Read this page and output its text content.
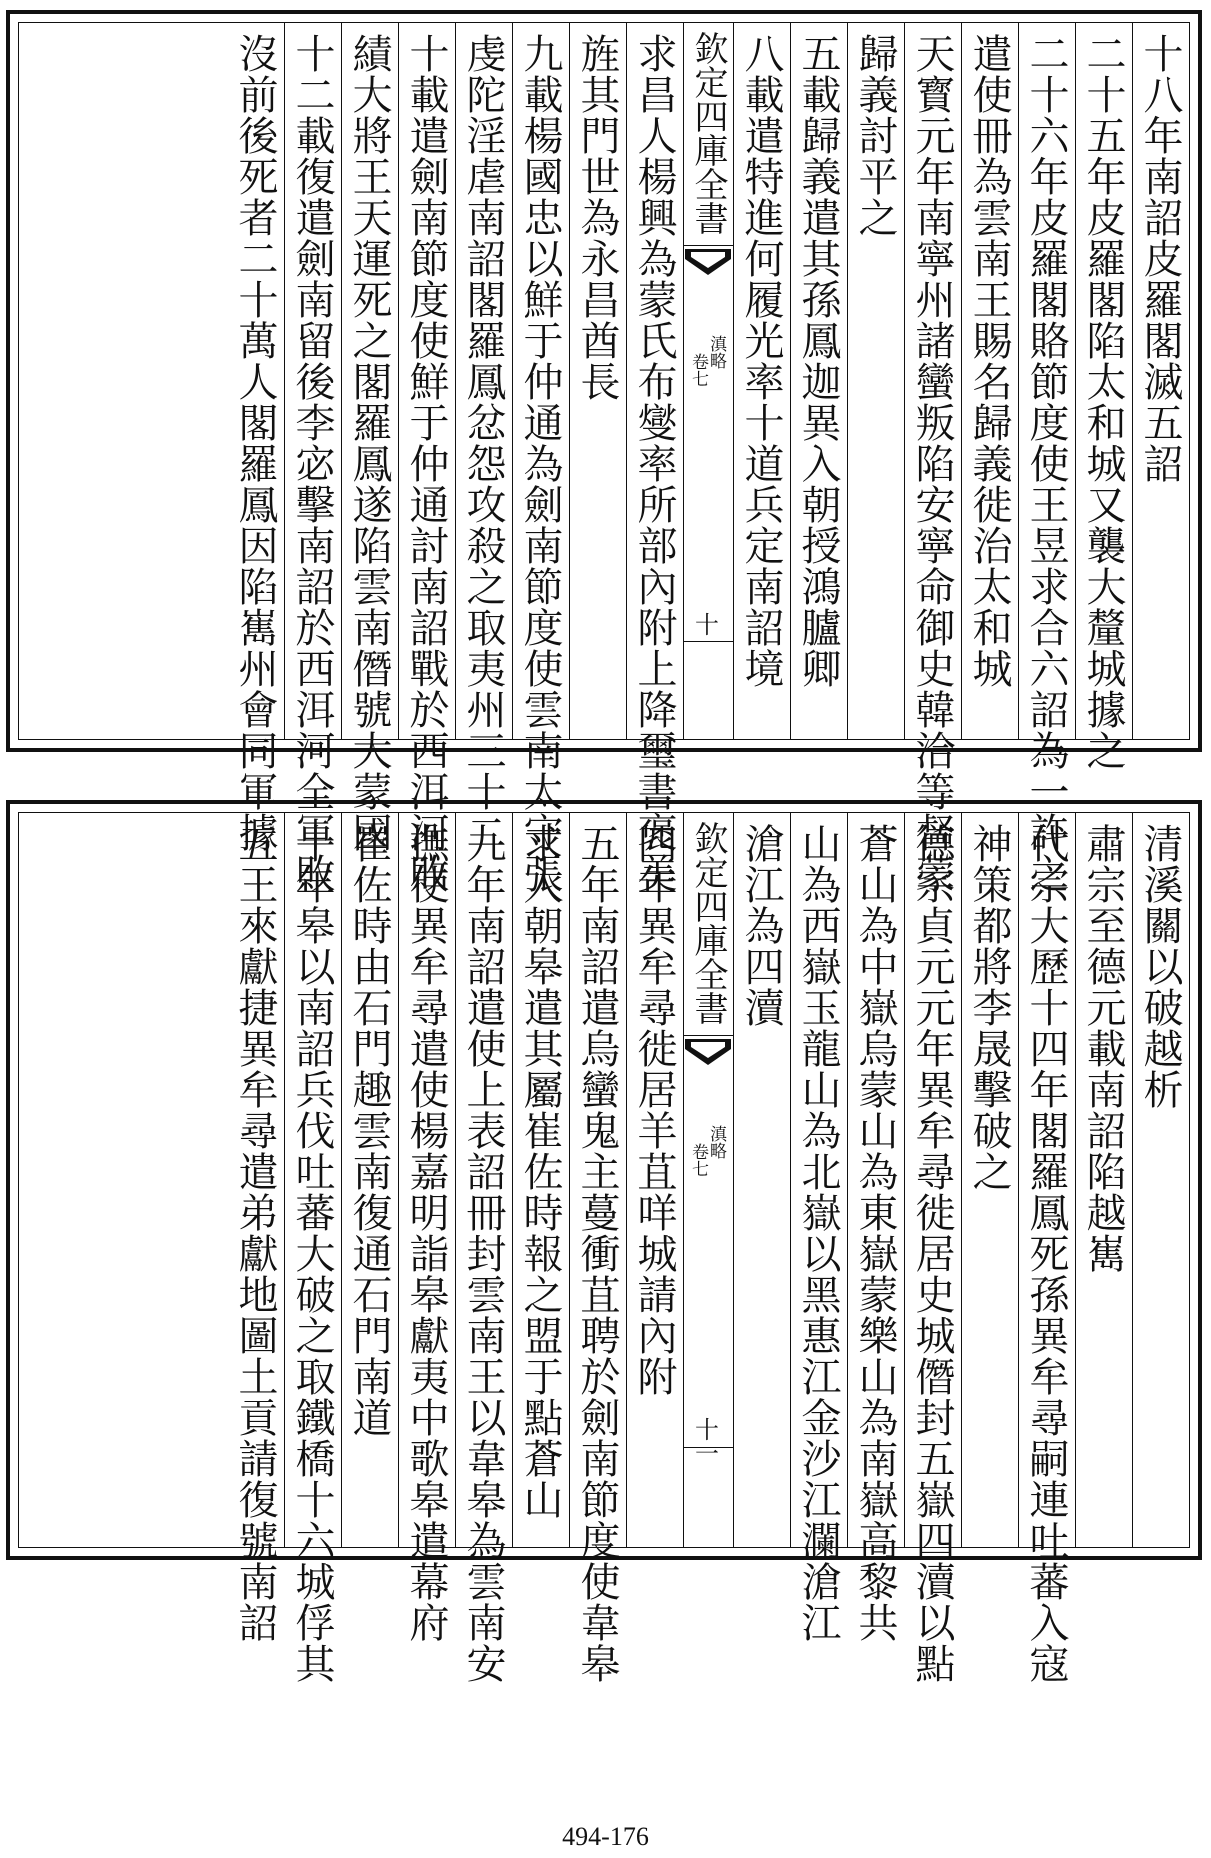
十八年南詔皮羅閣滅五詔
二十五年皮羅閣陷太和城又襲大釐城據之
二十六年皮羅閣賂節度使王昱求合六詔為一許之
遣使冊為雲南王賜名歸義徙治太和城
天寳元年南寧州諸蠻叛陷安寧命御史韓洽等督蒙
歸義討平之
五載歸義遣其孫鳳迦異入朝授鴻臚卿
八載遣特進何履光率十道兵定南詔境
欽定四庫全書
滇略
卷七
十
求昌人楊興為蒙氏布燮率所部內附上降璽書褒美
旌其門世為永昌酋長
九載楊國忠以鮮于仲通為劍南節度使雲南太守張
虔陀淫虐南詔閣羅鳳忿怨攻殺之取夷州三十二
十載遣劍南節度使鮮于仲通討南詔戰於西洱河敗
績大將王天運死之閣羅鳳遂陷雲南僭號大蒙國
十二載復遣劍南留後李宓擊南詔於西洱河全軍敗
沒前後死者二十萬人閣羅鳳因陷嶲州會同軍據
清溪關以破越析
肅宗至德元載南詔陷越嶲
代宗大歷十四年閣羅鳳死孫異牟尋嗣連吐蕃入寇
神策都將李晟擊破之
德宗貞元元年異牟尋徙居史城僭封五嶽四瀆以點
蒼山為中嶽烏蒙山為東嶽蒙樂山為南嶽高黎共
山為西嶽玉龍山為北嶽以黑惠江金沙江瀾滄江
滄江為四瀆
欽定四庫全書
滇略
卷七
十一
四年異牟尋徙居羊苴咩城請內附
五年南詔遣烏蠻鬼主蔓衝苴聘於劍南節度使韋皋
求入朝皋遣其屬崔佐時報之盟于點蒼山
九年南詔遣使上表詔冊封雲南王以韋皋為雲南安
撫使異牟尋遣使楊嘉明詣皋獻夷中歌皋遣幕府
崔佐時由石門趣雲南復通石門南道
十年皋以南詔兵伐吐蕃大破之取鐵橋十六城俘其
五王來獻捷異牟尋遣弟獻地圖土貢請復號南詔
494-176
